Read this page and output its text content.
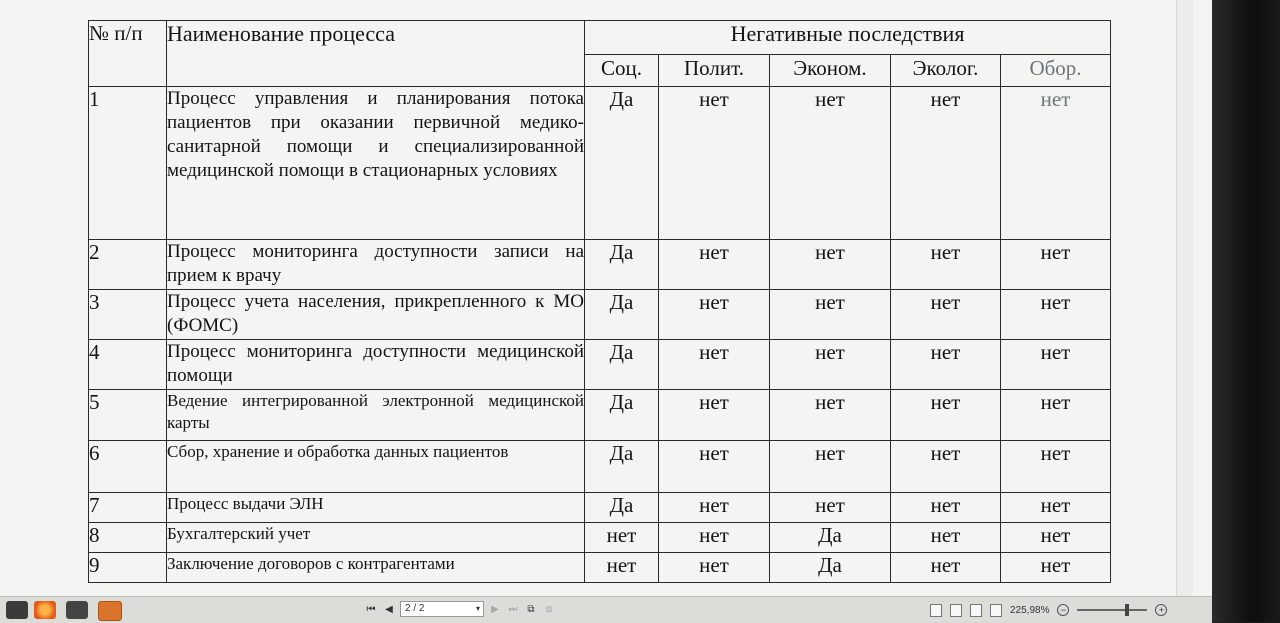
№ п/п	Наименование процесса	Негативные последствия				
		Соц.	Полит.	Эконом.	Эколог.	Обор.
1	Процесс управления и планирования потока пациентов при оказании первичной медико-санитарной помощи и специализированной медицинской помощи в стационарных условиях	Да	нет	нет	нет	нет
2	Процесс мониторинга доступности записи на прием к врачу	Да	нет	нет	нет	нет
3	Процесс учета населения, прикрепленного к МО (ФОМС)	Да	нет	нет	нет	нет
4	Процесс мониторинга доступности медицинской помощи	Да	нет	нет	нет	нет
5	Ведение интегрированной электронной медицинской карты	Да	нет	нет	нет	нет
6	Сбор, хранение и обработка данных пациентов	Да	нет	нет	нет	нет
7	Процесс выдачи ЭЛН	Да	нет	нет	нет	нет
8	Бухгалтерский учет	нет	нет	Да	нет	нет
9	Заключение договоров с контрагентами	нет	нет	Да	нет	нет
⏮ ◀	2 / 2	▾	▶ ⏭ ⧉	⧈	225,98%	−	+
